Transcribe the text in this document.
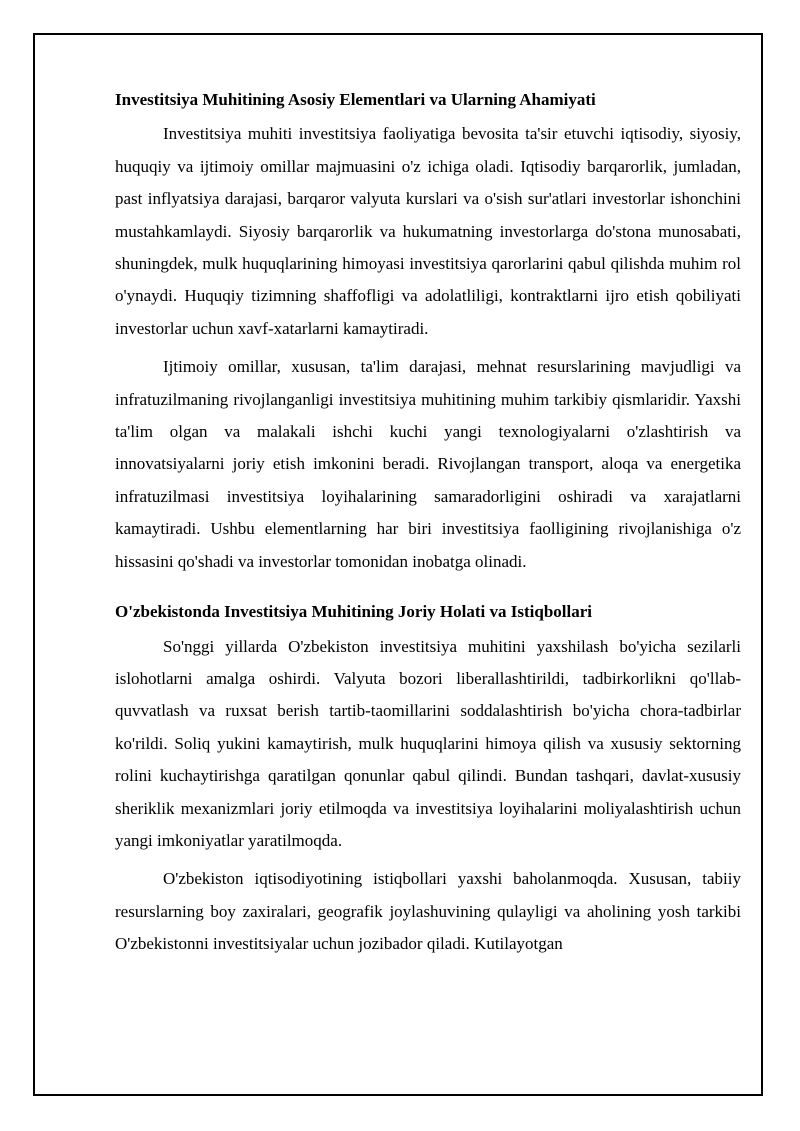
Investitsiya Muhitining Asosiy Elementlari va Ularning Ahamiyati

Investitsiya muhiti investitsiya faoliyatiga bevosita ta'sir etuvchi iqtisodiy, siyosiy, huquqiy va ijtimoiy omillar majmuasini o'z ichiga oladi. Iqtisodiy barqarorlik, jumladan, past inflyatsiya darajasi, barqaror valyuta kurslari va o'sish sur'atlari investorlar ishonchini mustahkamlaydi. Siyosiy barqarorlik va hukumatning investorlarga do'stona munosabati, shuningdek, mulk huquqlarining himoyasi investitsiya qarorlarini qabul qilishda muhim rol o'ynaydi. Huquqiy tizimning shaffofligi va adolatliligi, kontraktlarni ijro etish qobiliyati investorlar uchun xavf-xatarlarni kamaytiradi.

Ijtimoiy omillar, xususan, ta'lim darajasi, mehnat resurslarining mavjudligi va infratuzilmaning rivojlanganligi investitsiya muhitining muhim tarkibiy qismlaridir. Yaxshi ta'lim olgan va malakali ishchi kuchi yangi texnologiyalarni o'zlashtirish va innovatsiyalarni joriy etish imkonini beradi. Rivojlangan transport, aloqa va energetika infratuzilmasi investitsiya loyihalarining samaradorligini oshiradi va xarajatlarni kamaytiradi. Ushbu elementlarning har biri investitsiya faolligining rivojlanishiga o'z hissasini qo'shadi va investorlar tomonidan inobatga olinadi.

O'zbekistonda Investitsiya Muhitining Joriy Holati va Istiqbollari

So'nggi yillarda O'zbekiston investitsiya muhitini yaxshilash bo'yicha sezilarli islohotlarni amalga oshirdi. Valyuta bozori liberallashtirildi, tadbirkorlikni qo'llab-quvvatlash va ruxsat berish tartib-taomillarini soddalashtirish bo'yicha chora-tadbirlar ko'rildi. Soliq yukini kamaytirish, mulk huquqlarini himoya qilish va xususiy sektorning rolini kuchaytirishga qaratilgan qonunlar qabul qilindi. Bundan tashqari, davlat-xususiy sheriklik mexanizmlari joriy etilmoqda va investitsiya loyihalarini moliyalashtirish uchun yangi imkoniyatlar yaratilmoqda.

O'zbekiston iqtisodiyotining istiqbollari yaxshi baholanmoqda. Xususan, tabiiy resurslarning boy zaxiralari, geografik joylashuvining qulayligi va aholining yosh tarkibi O'zbekistonni investitsiyalar uchun jozibador qiladi. Kutilayotgan
